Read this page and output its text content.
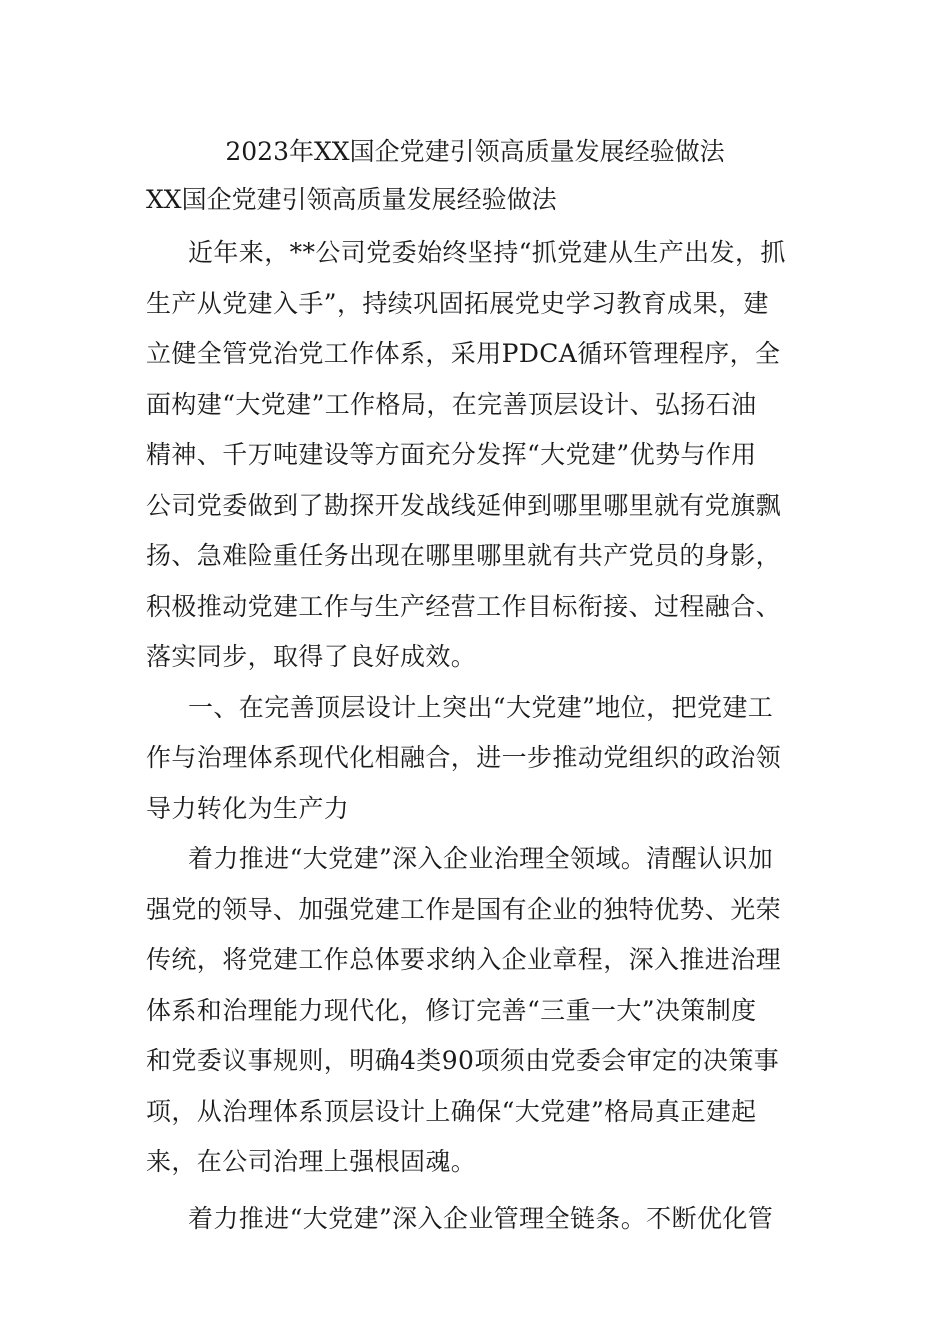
2023年XX国企党建引领高质量发展经验做法
XX国企党建引领高质量发展经验做法
近年来，**公司党委始终坚持“抓党建从生产出发，抓
生产从党建入手”，持续巩固拓展党史学习教育成果，建
立健全管党治党工作体系，采用PDCA循环管理程序，全
面构建“大党建”工作格局，在完善顶层设计、弘扬石油
精神、千万吨建设等方面充分发挥“大党建”优势与作用
公司党委做到了勘探开发战线延伸到哪里哪里就有党旗飘
扬、急难险重任务出现在哪里哪里就有共产党员的身影，
积极推动党建工作与生产经营工作目标衔接、过程融合、
落实同步，取得了良好成效。
一、在完善顶层设计上突出“大党建”地位，把党建工
作与治理体系现代化相融合，进一步推动党组织的政治领
导力转化为生产力
着力推进“大党建”深入企业治理全领域。清醒认识加
强党的领导、加强党建工作是国有企业的独特优势、光荣
传统，将党建工作总体要求纳入企业章程，深入推进治理
体系和治理能力现代化，修订完善“三重一大”决策制度
和党委议事规则，明确4类90项须由党委会审定的决策事
项，从治理体系顶层设计上确保“大党建”格局真正建起
来，在公司治理上强根固魂。
着力推进“大党建”深入企业管理全链条。不断优化管
